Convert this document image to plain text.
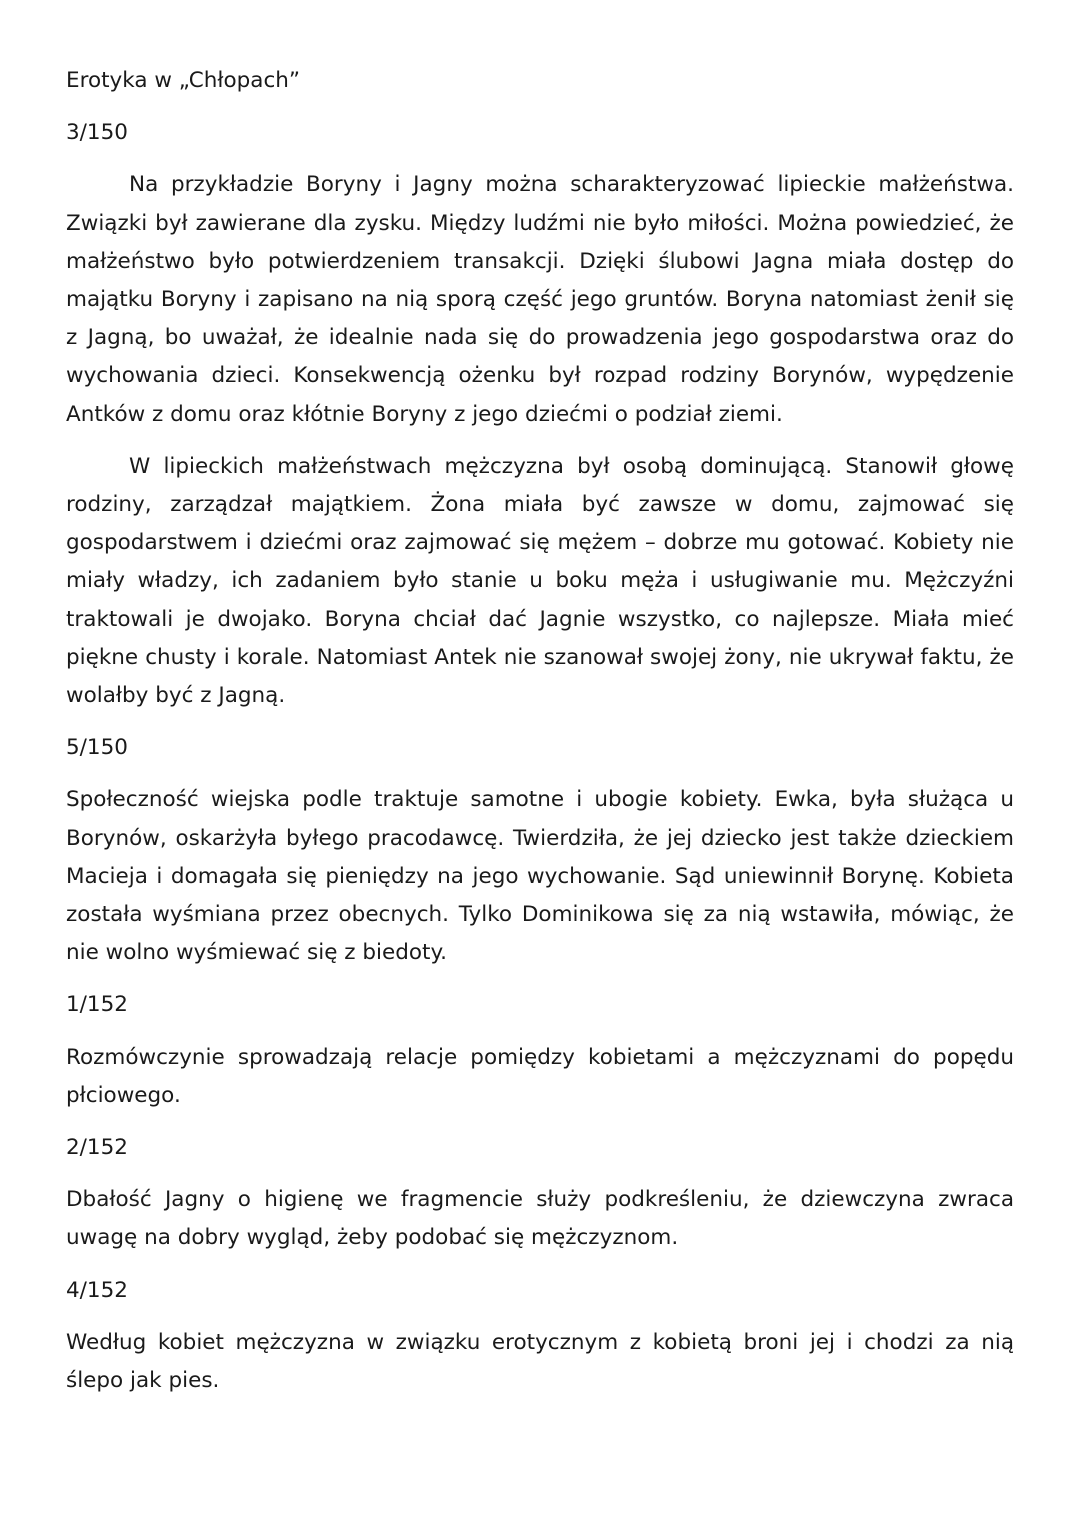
Erotyka w „Chłopach”
3/150

Na przykładzie Boryny i Jagny można scharakteryzować lipieckie małżeństwa. Związki był zawierane dla zysku. Między ludźmi nie było miłości. Można powiedzieć, że małżeństwo było potwierdzeniem transakcji. Dzięki ślubowi Jagna miała dostęp do majątku Boryny i zapisano na nią sporą część jego gruntów. Boryna natomiast żenił się z Jagną, bo uważał, że idealnie nada się do prowadzenia jego gospodarstwa oraz do wychowania dzieci. Konsekwencją ożenku był rozpad rodziny Borynów, wypędzenie Antków z domu oraz kłótnie Boryny z jego dziećmi o podział ziemi.

W lipieckich małżeństwach mężczyzna był osobą dominującą. Stanowił głowę rodziny, zarządzał majątkiem. Żona miała być zawsze w domu, zajmować się gospodarstwem i dziećmi oraz zajmować się mężem – dobrze mu gotować. Kobiety nie miały władzy, ich zadaniem było stanie u boku męża i usługiwanie mu. Mężczyźni traktowali je dwojako. Boryna chciał dać Jagnie wszystko, co najlepsze. Miała mieć piękne chusty i korale. Natomiast Antek nie szanował swojej żony, nie ukrywał faktu, że wolałby być z Jagną.

5/150

Społeczność wiejska podle traktuje samotne i ubogie kobiety. Ewka, była służąca u Borynów, oskarżyła byłego pracodawcę. Twierdziła, że jej dziecko jest także dzieckiem Macieja i domagała się pieniędzy na jego wychowanie. Sąd uniewinnił Borynę. Kobieta została wyśmiana przez obecnych. Tylko Dominikowa się za nią wstawiła, mówiąc, że nie wolno wyśmiewać się z biedoty.

1/152

Rozmówczynie sprowadzają relacje pomiędzy kobietami a mężczyznami do popędu płciowego.

2/152

Dbałość Jagny o higienę we fragmencie służy podkreśleniu, że dziewczyna zwraca uwagę na dobry wygląd, żeby podobać się mężczyznom.

4/152

Według kobiet mężczyzna w związku erotycznym z kobietą broni jej i chodzi za nią ślepo jak pies.
